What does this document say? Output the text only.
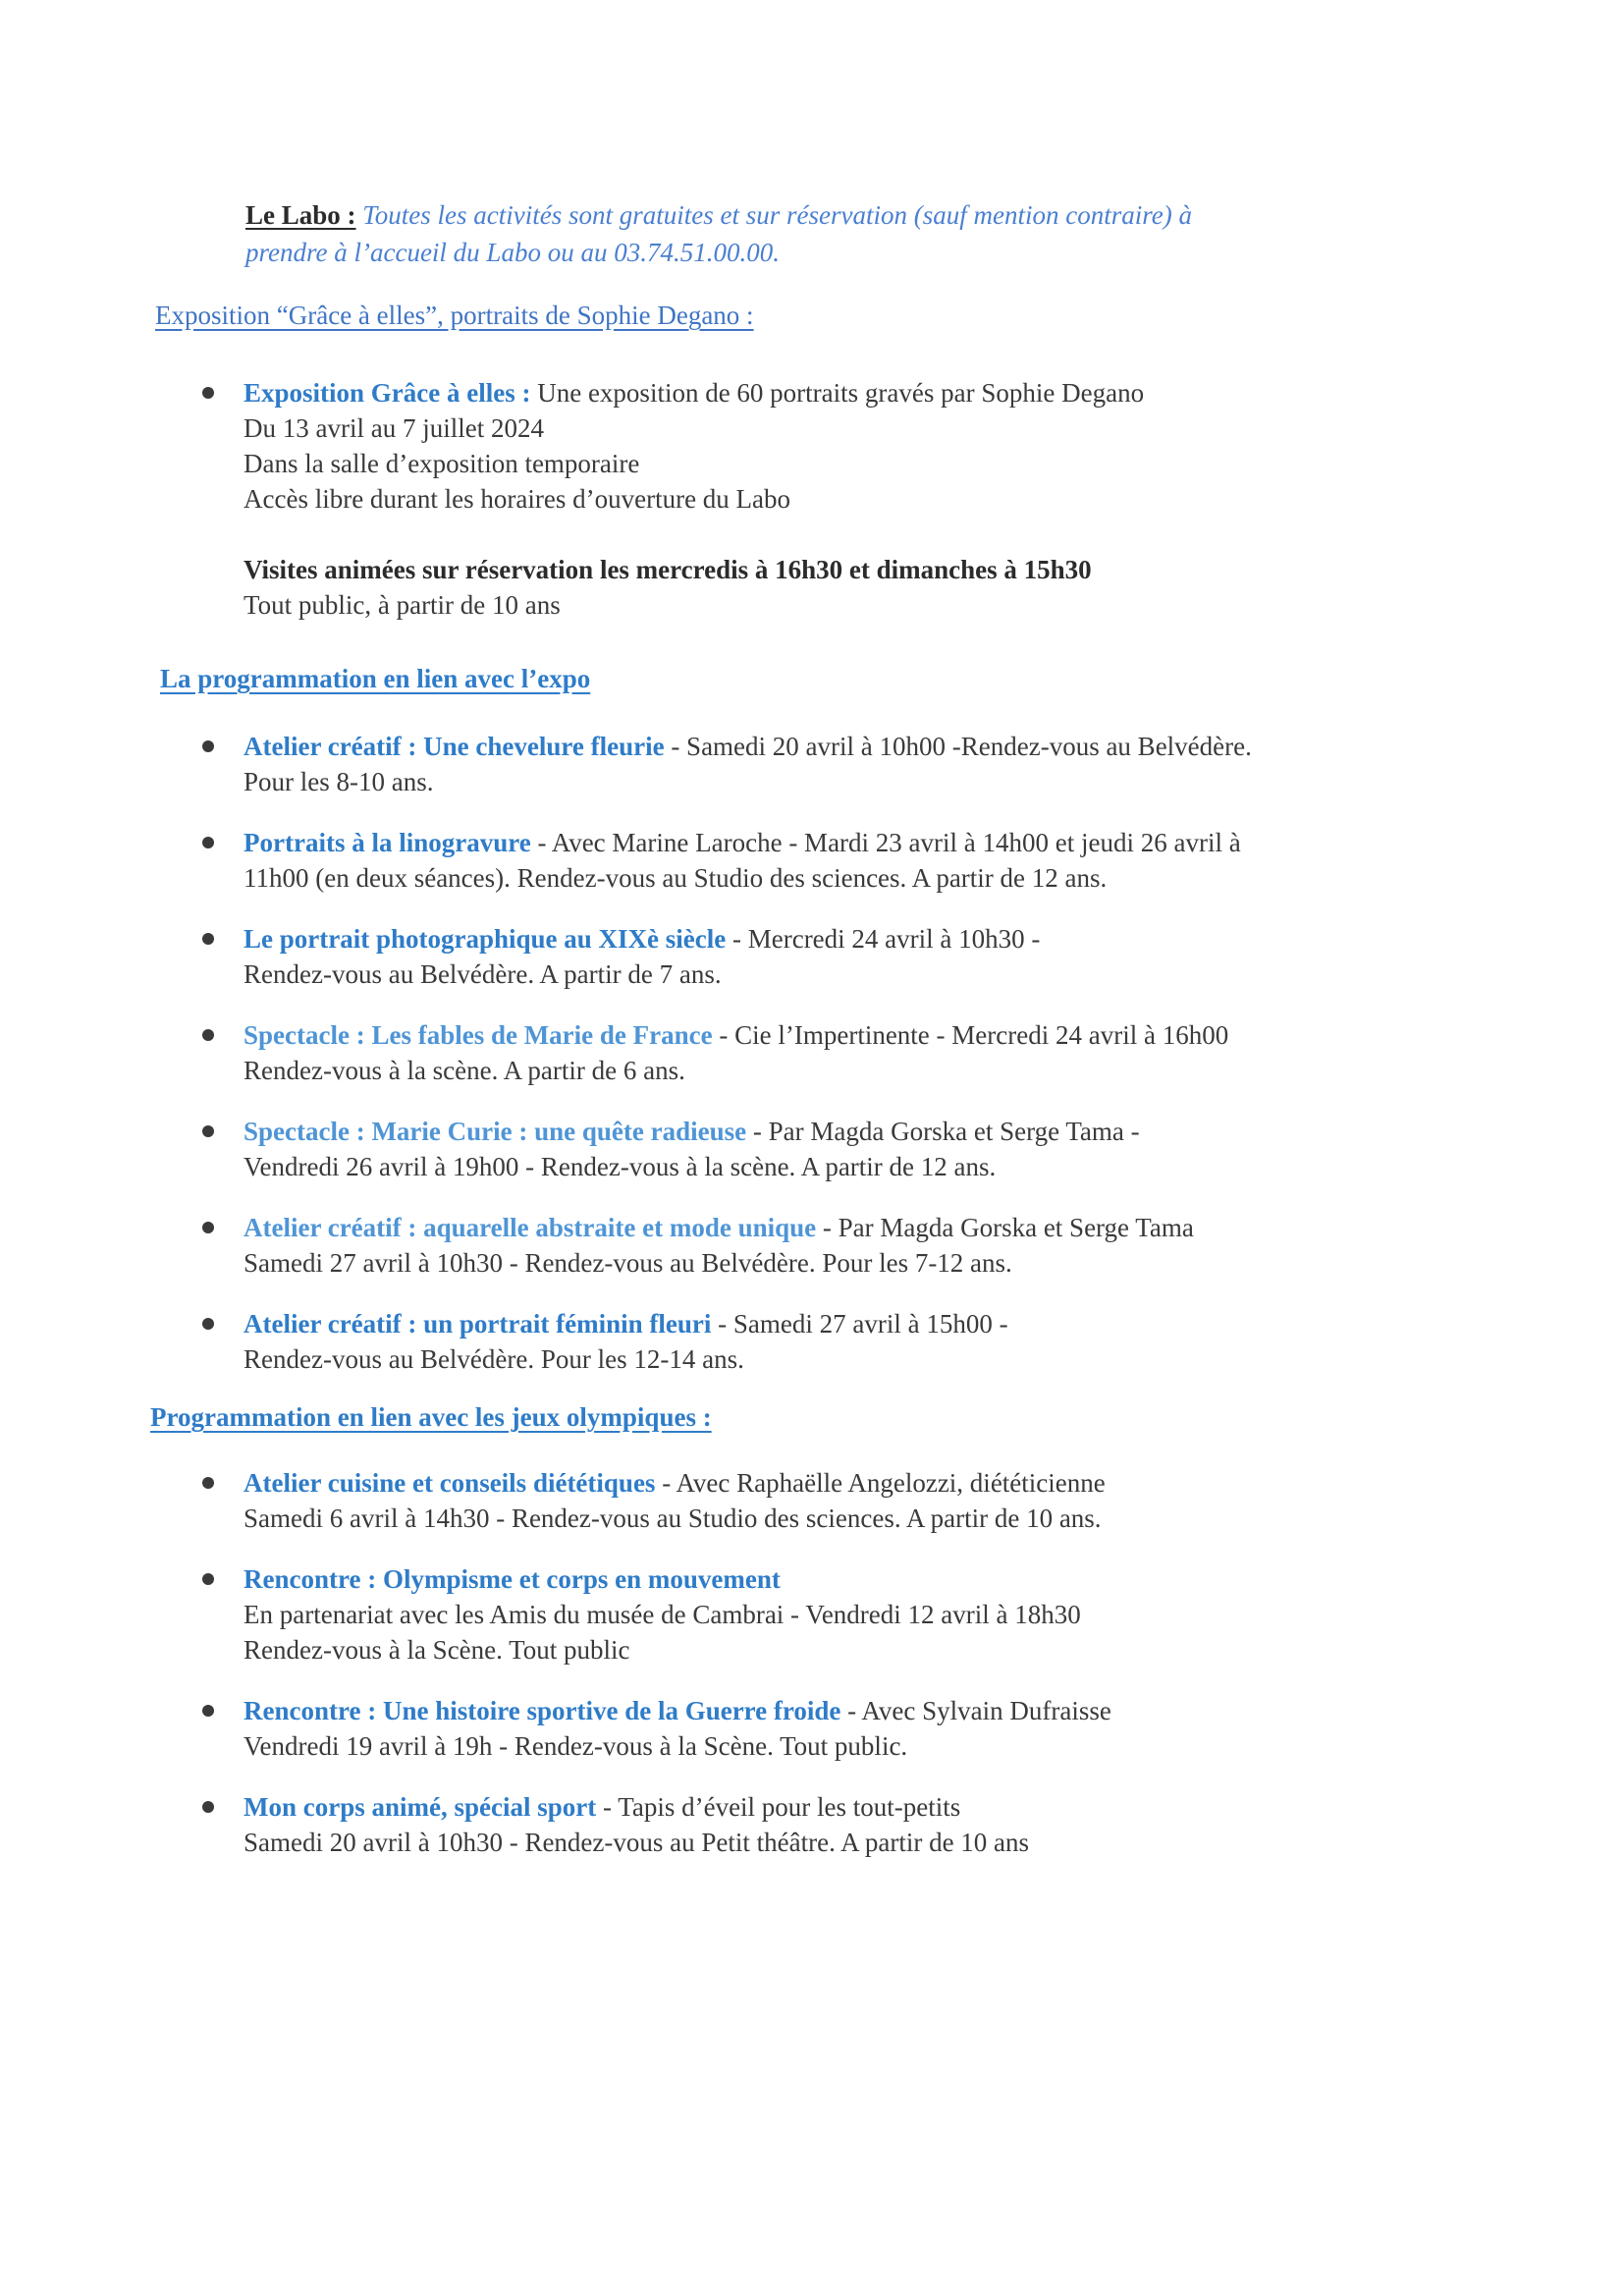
Le Labo : Toutes les activités sont gratuites et sur réservation (sauf mention contraire) à
prendre à l’accueil du Labo ou au 03.74.51.00.00.
Exposition “Grâce à elles”, portraits de Sophie Degano :
Exposition Grâce à elles : Une exposition de 60 portraits gravés par Sophie Degano
Du 13 avril au 7 juillet 2024
Dans la salle d’exposition temporaire
Accès libre durant les horaires d’ouverture du Labo
Visites animées sur réservation les mercredis à 16h30 et dimanches à 15h30
Tout public, à partir de 10 ans
La programmation en lien avec l’expo
Atelier créatif : Une chevelure fleurie - Samedi 20 avril à 10h00 -Rendez-vous au Belvédère.
Pour les 8-10 ans.
Portraits à la linogravure - Avec Marine Laroche - Mardi 23 avril à 14h00 et jeudi 26 avril à
11h00 (en deux séances). Rendez-vous au Studio des sciences. A partir de 12 ans.
Le portrait photographique au XIXè siècle - Mercredi 24 avril à 10h30 -
Rendez-vous au Belvédère. A partir de 7 ans.
Spectacle : Les fables de Marie de France - Cie l’Impertinente - Mercredi 24 avril à 16h00
Rendez-vous à la scène. A partir de 6 ans.
Spectacle : Marie Curie : une quête radieuse - Par Magda Gorska et Serge Tama -
Vendredi 26 avril à 19h00 - Rendez-vous à la scène. A partir de 12 ans.
Atelier créatif : aquarelle abstraite et mode unique - Par Magda Gorska et Serge Tama
Samedi 27 avril à 10h30 - Rendez-vous au Belvédère. Pour les 7-12 ans.
Atelier créatif : un portrait féminin fleuri - Samedi 27 avril à 15h00 -
Rendez-vous au Belvédère. Pour les 12-14 ans.
Programmation en lien avec les jeux olympiques :
Atelier cuisine et conseils diététiques - Avec Raphaëlle Angelozzi, diététicienne
Samedi 6 avril à 14h30 - Rendez-vous au Studio des sciences. A partir de 10 ans.
Rencontre : Olympisme et corps en mouvement
En partenariat avec les Amis du musée de Cambrai - Vendredi 12 avril à 18h30
Rendez-vous à la Scène. Tout public
Rencontre : Une histoire sportive de la Guerre froide - Avec Sylvain Dufraisse
Vendredi 19 avril à 19h - Rendez-vous à la Scène. Tout public.
Mon corps animé, spécial sport - Tapis d’éveil pour les tout-petits
Samedi 20 avril à 10h30 - Rendez-vous au Petit théâtre. A partir de 10 ans
